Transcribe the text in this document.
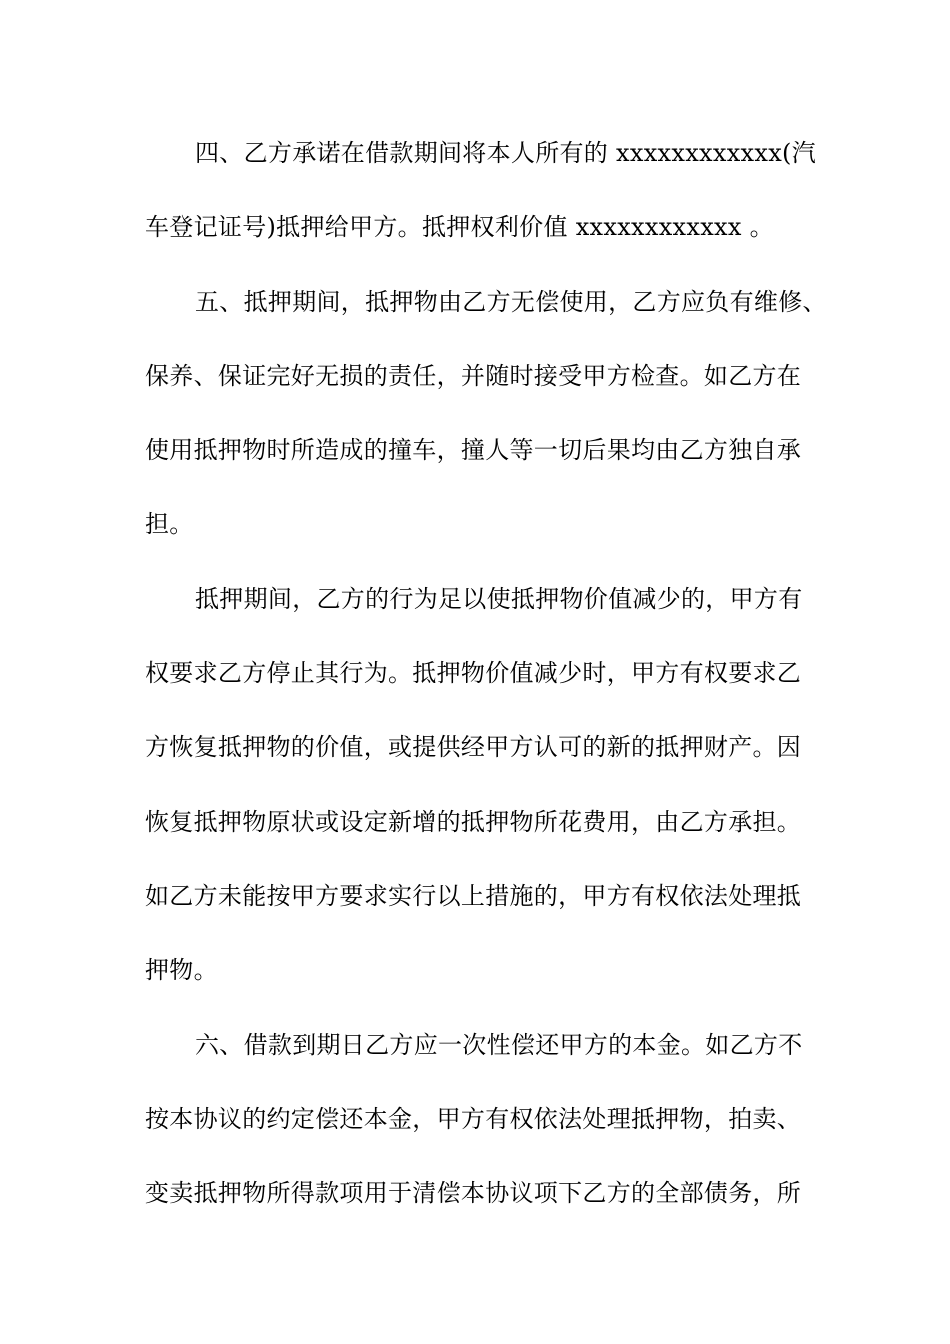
四、乙方承诺在借款期间将本人所有的 xxxxxxxxxxxx(汽
车登记证号)抵押给甲方。抵押权利价值 xxxxxxxxxxxx 。
五、抵押期间，抵押物由乙方无偿使用，乙方应负有维修、
保养、保证完好无损的责任，并随时接受甲方检查。如乙方在
使用抵押物时所造成的撞车，撞人等一切后果均由乙方独自承
担。
抵押期间，乙方的行为足以使抵押物价值减少的，甲方有
权要求乙方停止其行为。抵押物价值减少时，甲方有权要求乙
方恢复抵押物的价值，或提供经甲方认可的新的抵押财产。因
恢复抵押物原状或设定新增的抵押物所花费用，由乙方承担。
如乙方未能按甲方要求实行以上措施的，甲方有权依法处理抵
押物。
六、借款到期日乙方应一次性偿还甲方的本金。如乙方不
按本协议的约定偿还本金，甲方有权依法处理抵押物，拍卖、
变卖抵押物所得款项用于清偿本协议项下乙方的全部债务，所
